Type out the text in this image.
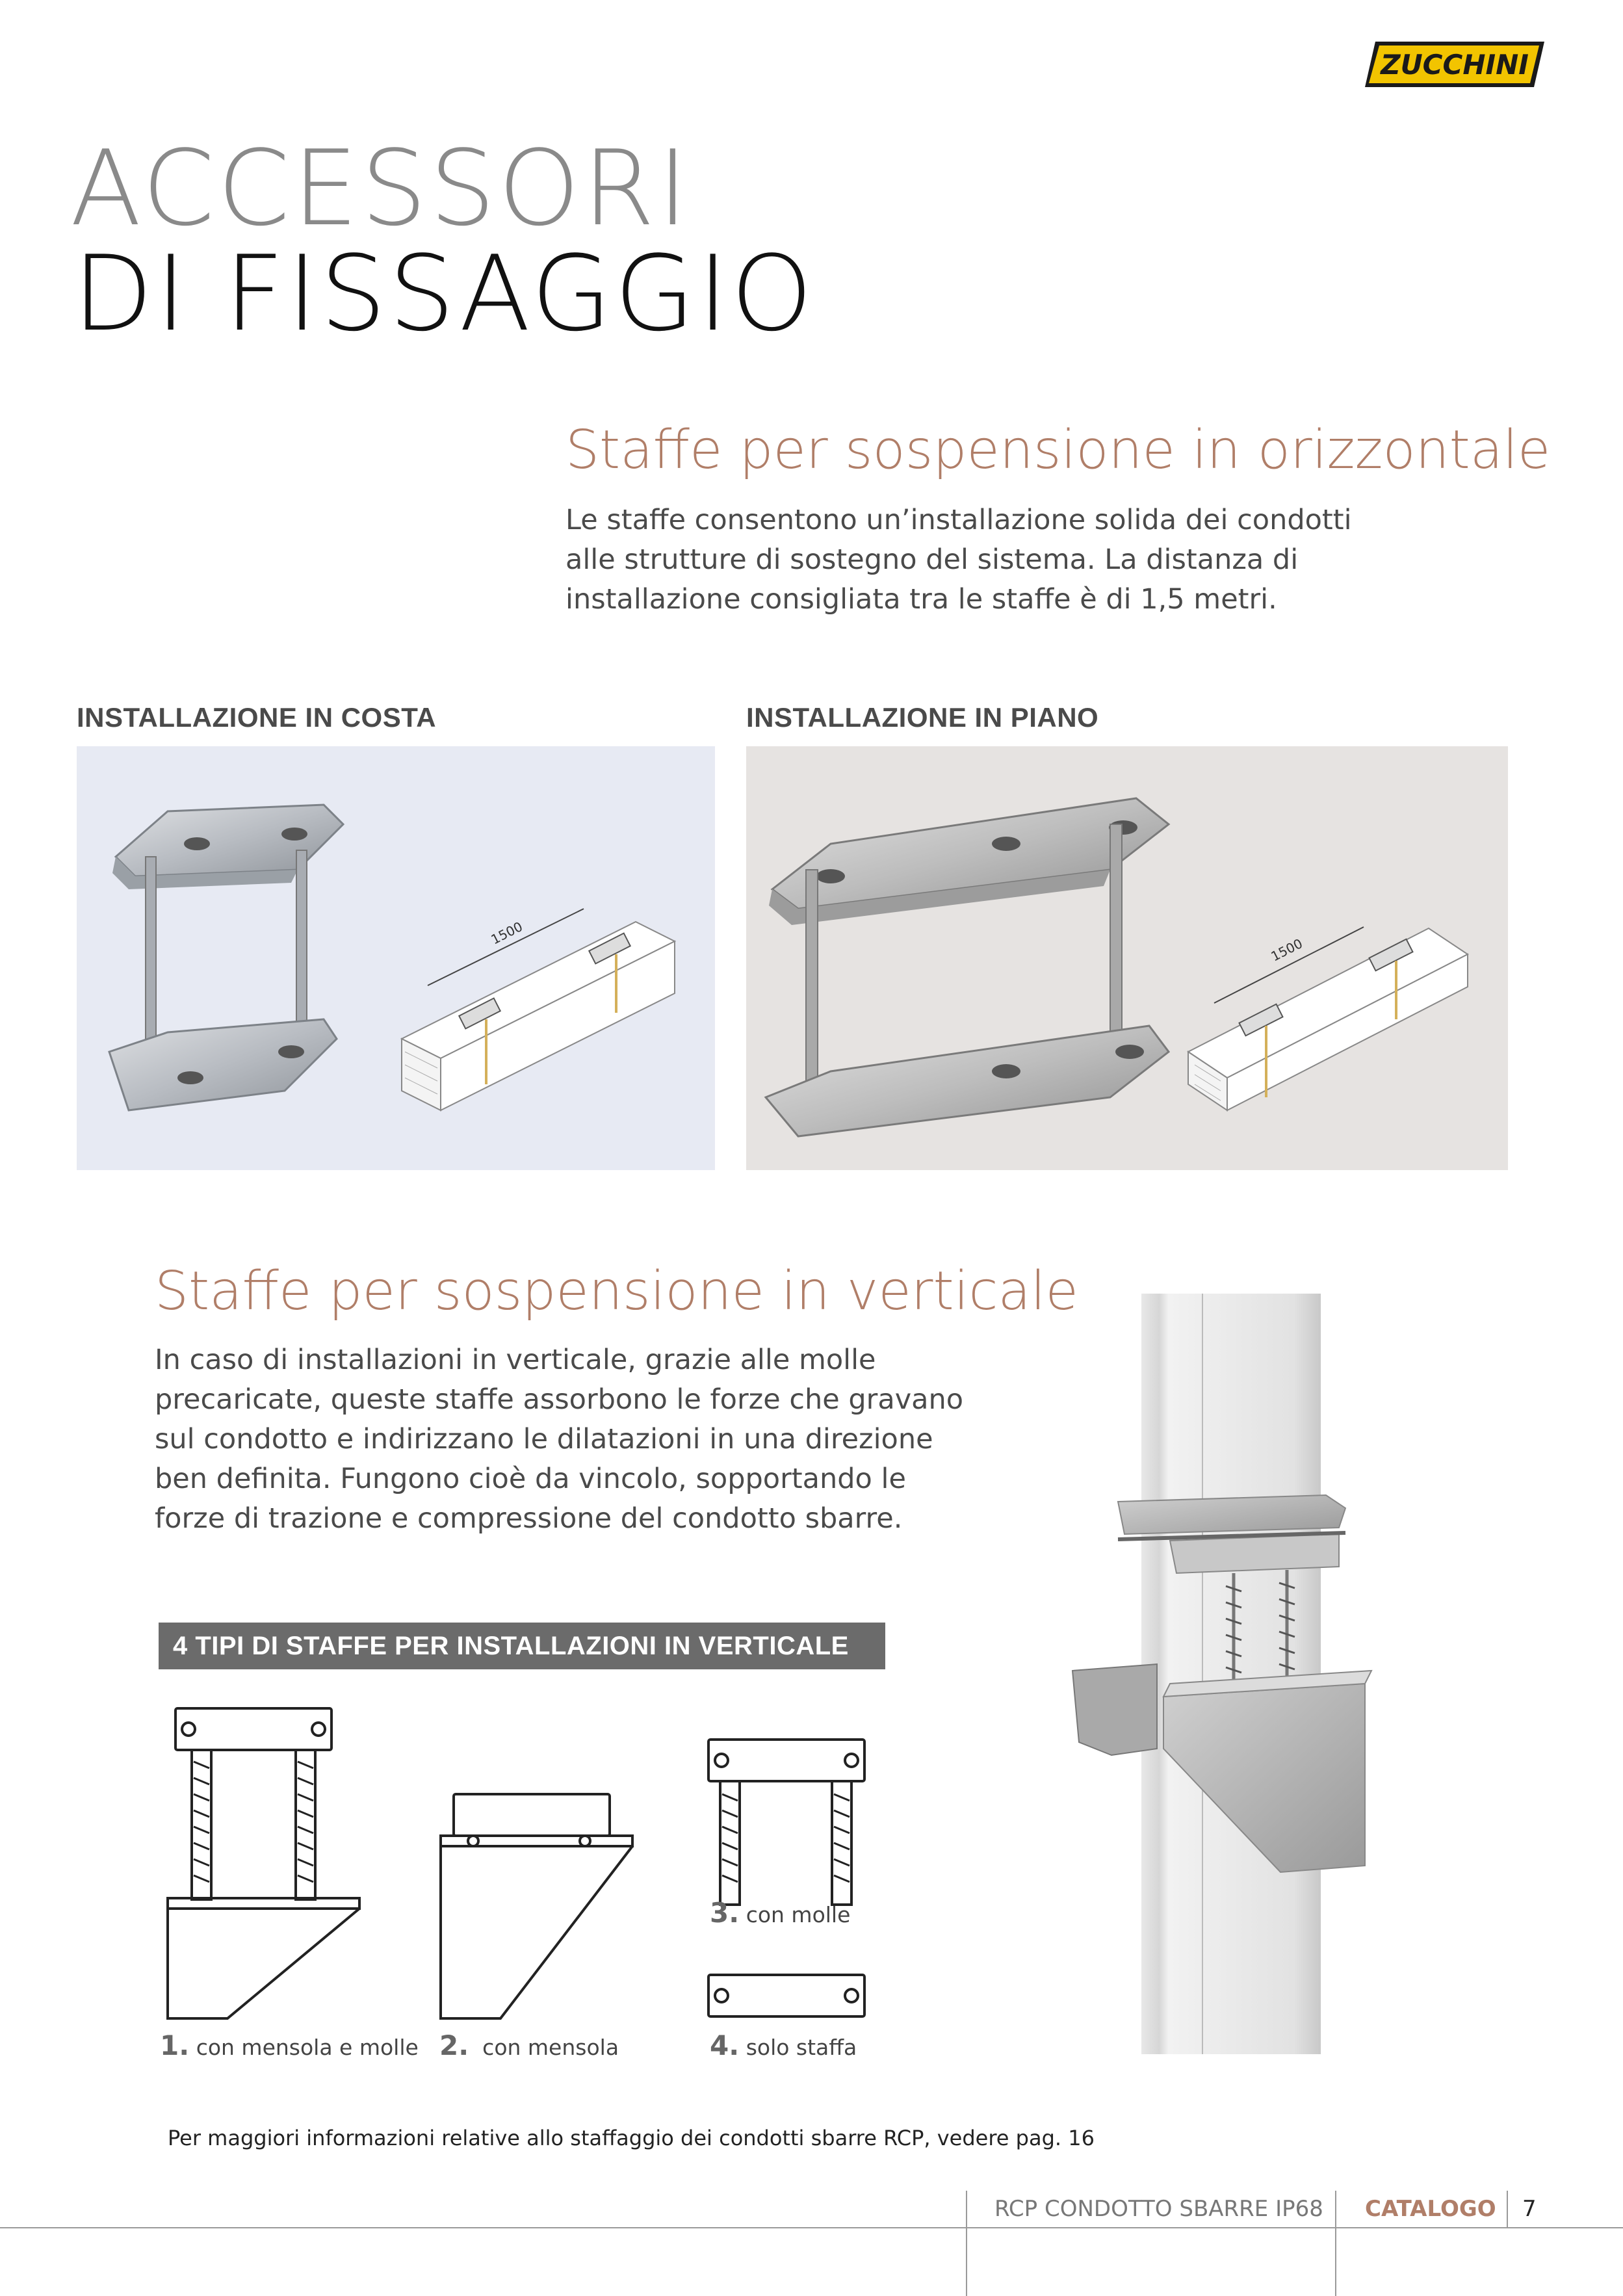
ZUCCHINI
ACCESSORI
DI FISSAGGIO
Staffe per sospensione in orizzontale
Le staffe consentono un’installazione solida dei condotti
alle strutture di sostegno del sistema. La distanza di
installazione consigliata tra le staffe è di 1,5 metri.
INSTALLAZIONE IN COSTA	INSTALLAZIONE IN PIANO
1500
1500
Staffe per sospensione in verticale
In caso di installazioni in verticale, grazie alle molle
precaricate, queste staffe assorbono le forze che gravano
sul condotto e indirizzano le dilatazioni in una direzione
ben definita. Fungono cioè da vincolo, sopportando le
forze di trazione e compressione del condotto sbarre.
4 TIPI DI STAFFE PER INSTALLAZIONI IN VERTICALE
1. con mensola e molle 2. con mensola
3. con molle
4. solo staffa
Per maggiori informazioni relative allo staffaggio dei condotti sbarre RCP, vedere pag. 16
RCP CONDOTTO SBARRE IP68 CATALOGO 7
